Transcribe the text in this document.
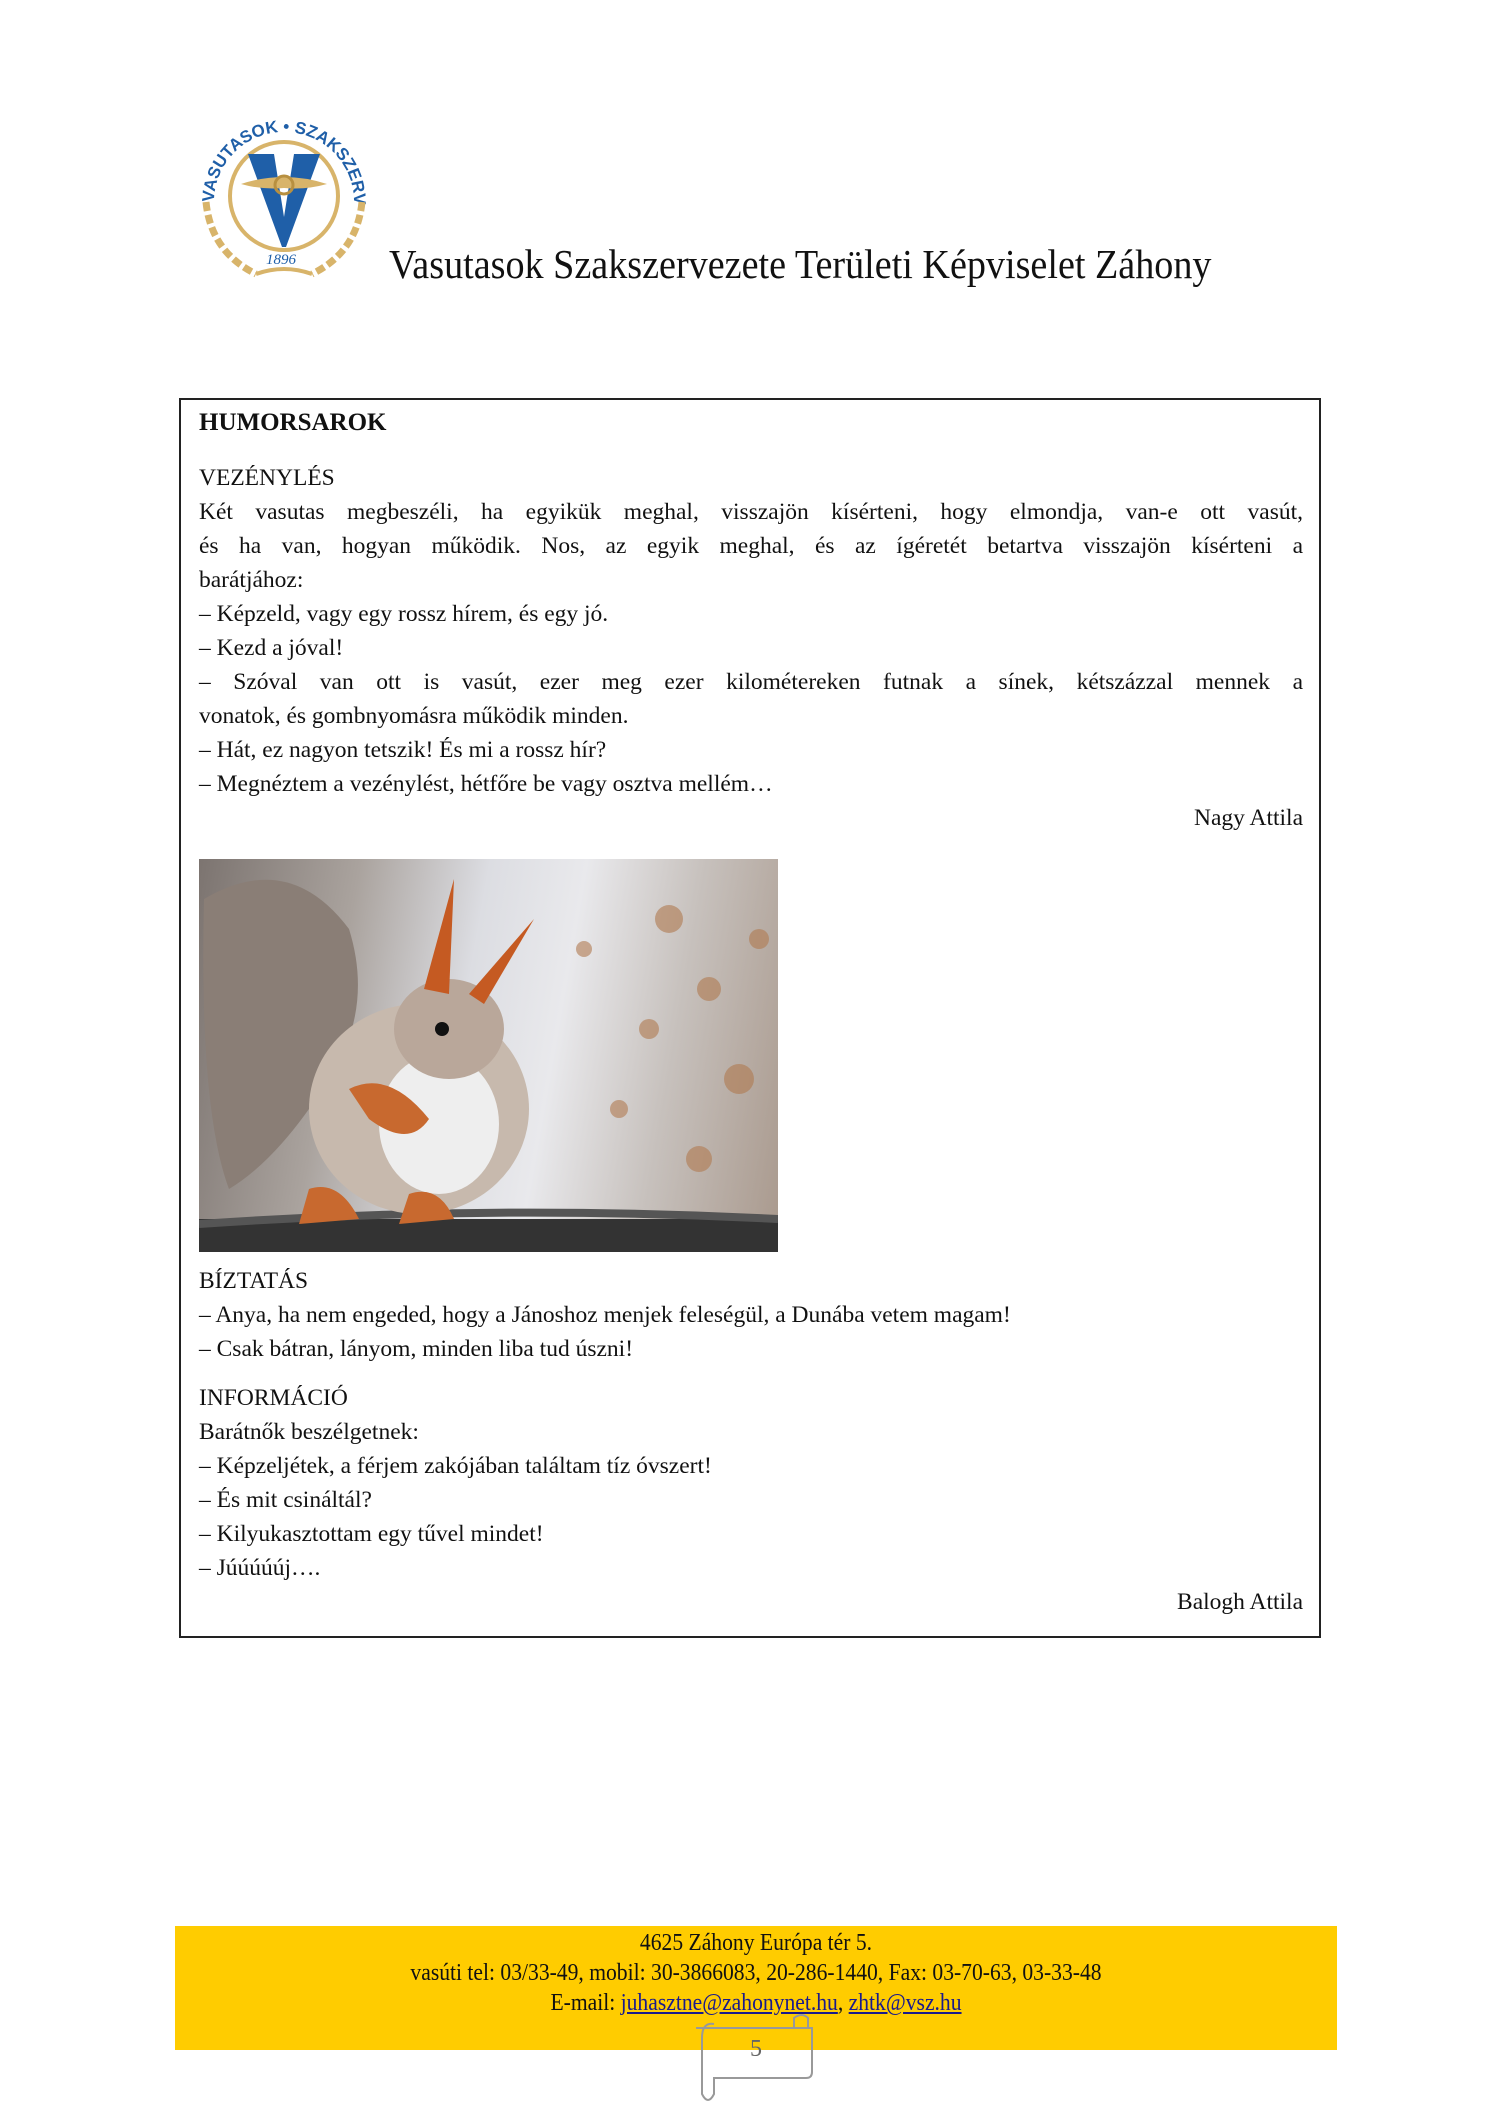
VASUTASOK • SZAKSZERV
1896 Vasutasok Szakszervezete Területi Képviselet Záhony
HUMORSAROK

VEZÉNYLÉS

Két vasutas megbeszéli, ha egyikük meghal, visszajön kísérteni, hogy elmondja, van-e ott vasút,

és ha van, hogyan működik. Nos, az egyik meghal, és az ígéretét betartva visszajön kísérteni a

barátjához:

– Képzeld, vagy egy rossz hírem, és egy jó.

– Kezd a jóval!

– Szóval van ott is vasút, ezer meg ezer kilométereken futnak a sínek, kétszázzal mennek a

vonatok, és gombnyomásra működik minden.

– Hát, ez nagyon tetszik! És mi a rossz hír?

– Megnéztem a vezénylést, hétfőre be vagy osztva mellém…

Nagy Attila

BÍZTATÁS

– Anya, ha nem engeded, hogy a Jánoshoz menjek feleségül, a Dunába vetem magam!

– Csak bátran, lányom, minden liba tud úszni!

INFORMÁCIÓ

Barátnők beszélgetnek:

– Képzeljétek, a férjem zakójában találtam tíz óvszert!

– És mit csináltál?

– Kilyukasztottam egy tűvel mindet!

– Júúúúúj….

Balogh Attila

4625 Záhony Európa tér 5.
vasúti tel: 03/33-49, mobil: 30-3866083, 20-286-1440, Fax: 03-70-63, 03-33-48
E-mail: juhasztne@zahonynet.hu, zhtk@vsz.hu
5
